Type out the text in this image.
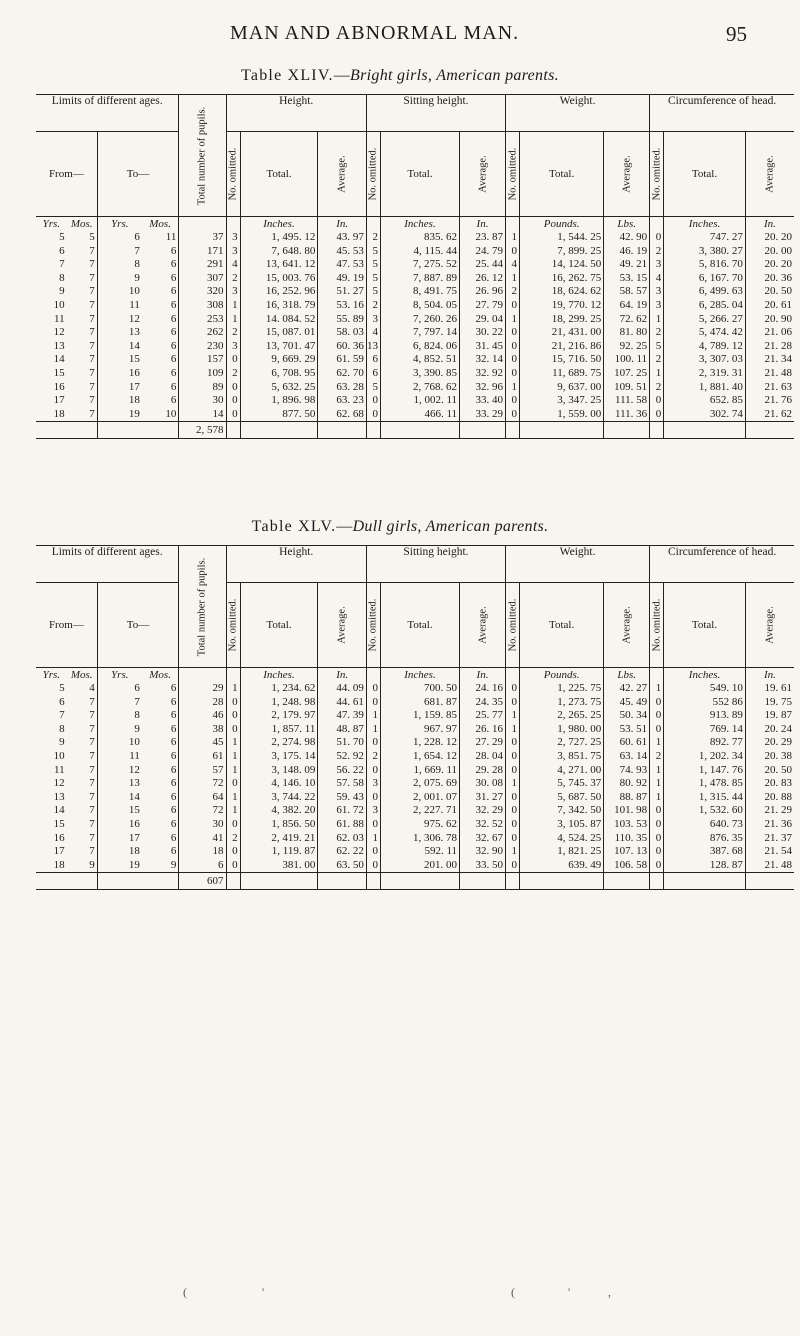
MAN AND ABNORMAL MAN.	95
Table XLIV.—Bright girls, American parents.
Limits of different ages.				Total number of pupils.	Height.			Sitting height.			Weight.			Circumference of head.		
From—		To—			No. omitted.	Total.	Average.	No. omitted.	Total.	Average.	No. omitted.	Total.	Average.	No. omitted.	Total.	Average.

Yrs.	Mos.	Yrs.	Mos.			Inches.	In.		Inches.	In.		Pounds.	Lbs.		Inches.	In.
5	5	6	11	37	3	1, 495. 12	43. 97	2	835. 62	23. 87	1	1, 544. 25	42. 90	0	747. 27	20. 20
6	7	7	6	171	3	7, 648. 80	45. 53	5	4, 115. 44	24. 79	0	7, 899. 25	46. 19	2	3, 380. 27	20. 00
7	7	8	6	291	4	13, 641. 12	47. 53	5	7, 275. 52	25. 44	4	14, 124. 50	49. 21	3	5, 816. 70	20. 20
8	7	9	6	307	2	15, 003. 76	49. 19	5	7, 887. 89	26. 12	1	16, 262. 75	53. 15	4	6, 167. 70	20. 36
9	7	10	6	320	3	16, 252. 96	51. 27	5	8, 491. 75	26. 96	2	18, 624. 62	58. 57	3	6, 499. 63	20. 50
10	7	11	6	308	1	16, 318. 79	53. 16	2	8, 504. 05	27. 79	0	19, 770. 12	64. 19	3	6, 285. 04	20. 61
11	7	12	6	253	1	14. 084. 52	55. 89	3	7, 260. 26	29. 04	1	18, 299. 25	72. 62	1	5, 266. 27	20. 90
12	7	13	6	262	2	15, 087. 01	58. 03	4	7, 797. 14	30. 22	0	21, 431. 00	81. 80	2	5, 474. 42	21. 06
13	7	14	6	230	3	13, 701. 47	60. 36	13	6, 824. 06	31. 45	0	21, 216. 86	92. 25	5	4, 789. 12	21. 28
14	7	15	6	157	0	9, 669. 29	61. 59	6	4, 852. 51	32. 14	0	15, 716. 50	100. 11	2	3, 307. 03	21. 34
15	7	16	6	109	2	6, 708. 95	62. 70	6	3, 390. 85	32. 92	0	11, 689. 75	107. 25	1	2, 319. 31	21. 48
16	7	17	6	89	0	5, 632. 25	63. 28	5	2, 768. 62	32. 96	1	9, 637. 00	109. 51	2	1, 881. 40	21. 63
17	7	18	6	30	0	1, 896. 98	63. 23	0	1, 002. 11	33. 40	0	3, 347. 25	111. 58	0	652. 85	21. 76
18	7	19	10	14	0	877. 50	62. 68	0	466. 11	33. 29	0	1, 559. 00	111. 36	0	302. 74	21. 62
				2, 578												

Table XLV.—Dull girls, American parents.
Limits of different ages.				Total number of pupils.	Height.			Sitting height.			Weight.			Circumference of head.		
From—		To—			No. omitted.	Total.	Average.	No. omitted.	Total.	Average.	No. omitted.	Total.	Average.	No. omitted.	Total.	Average.

Yrs.	Mos.	Yrs.	Mos.			Inches.	In.		Inches.	In.		Pounds.	Lbs.		Inches.	In.
5	4	6	6	29	1	1, 234. 62	44. 09	0	700. 50	24. 16	0	1, 225. 75	42. 27	1	549. 10	19. 61
6	7	7	6	28	0	1, 248. 98	44. 61	0	681. 87	24. 35	0	1, 273. 75	45. 49	0	552 86	19. 75
7	7	8	6	46	0	2, 179. 97	47. 39	1	1, 159. 85	25. 77	1	2, 265. 25	50. 34	0	913. 89	19. 87
8	7	9	6	38	0	1, 857. 11	48. 87	1	967. 97	26. 16	1	1, 980. 00	53. 51	0	769. 14	20. 24
9	7	10	6	45	1	2, 274. 98	51. 70	0	1, 228. 12	27. 29	0	2, 727. 25	60. 61	1	892. 77	20. 29
10	7	11	6	61	1	3, 175. 14	52. 92	2	1, 654. 12	28. 04	0	3, 851. 75	63. 14	2	1, 202. 34	20. 38
11	7	12	6	57	1	3, 148. 09	56. 22	0	1, 669. 11	29. 28	0	4, 271. 00	74. 93	1	1, 147. 76	20. 50
12	7	13	6	72	0	4, 146. 10	57. 58	3	2, 075. 69	30. 08	1	5, 745. 37	80. 92	1	1, 478. 85	20. 83
13	7	14	6	64	1	3, 744. 22	59. 43	0	2, 001. 07	31. 27	0	5, 687. 50	88. 87	1	1, 315. 44	20. 88
14	7	15	6	72	1	4, 382. 20	61. 72	3	2, 227. 71	32. 29	0	7, 342. 50	101. 98	0	1, 532. 60	21. 29
15	7	16	6	30	0	1, 856. 50	61. 88	0	975. 62	32. 52	0	3, 105. 87	103. 53	0	640. 73	21. 36
16	7	17	6	41	2	2, 419. 21	62. 03	1	1, 306. 78	32. 67	0	4, 524. 25	110. 35	0	876. 35	21. 37
17	7	18	6	18	0	1, 119. 87	62. 22	0	592. 11	32. 90	1	1, 821. 25	107. 13	0	387. 68	21. 54
18	9	19	9	6	0	381. 00	63. 50	0	201. 00	33. 50	0	639. 49	106. 58	0	128. 87	21. 48
				607												

(	'	(	'	,
